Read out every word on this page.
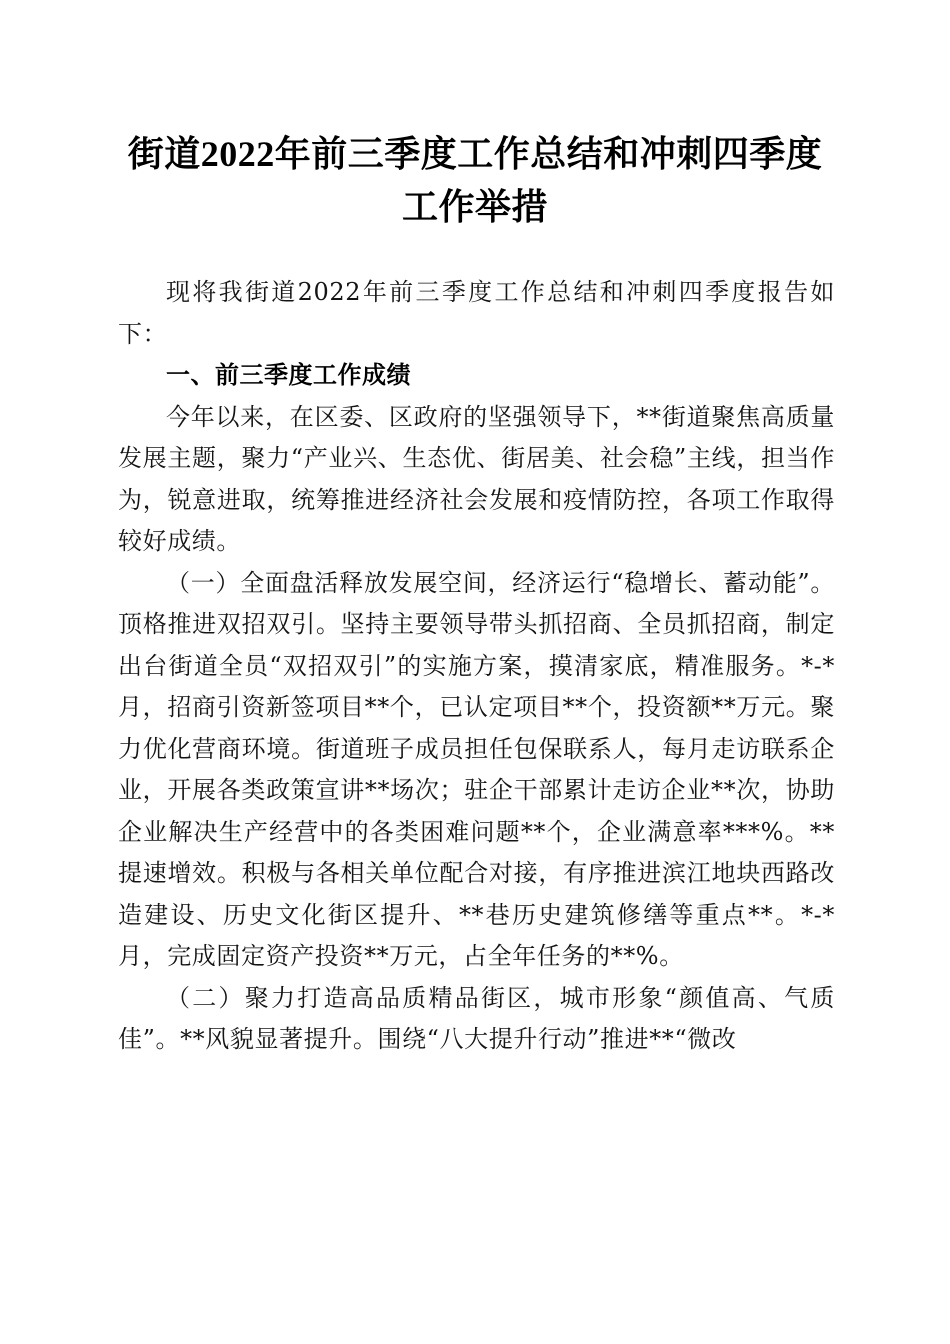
街道2022年前三季度工作总结和冲刺四季度工作举措

现将我街道2022年前三季度工作总结和冲刺四季度报告如下：

一、前三季度工作成绩

今年以来，在区委、区政府的坚强领导下，**街道聚焦高质量发展主题，聚力“产业兴、生态优、街居美、社会稳”主线，担当作为，锐意进取，统筹推进经济社会发展和疫情防控，各项工作取得较好成绩。

（一）全面盘活释放发展空间，经济运行“稳增长、蓄动能”。顶格推进双招双引。坚持主要领导带头抓招商、全员抓招商，制定出台街道全员“双招双引”的实施方案，摸清家底，精准服务。*-*月，招商引资新签项目**个，已认定项目**个，投资额**万元。聚力优化营商环境。街道班子成员担任包保联系人，每月走访联系企业，开展各类政策宣讲**场次；驻企干部累计走访企业**次，协助企业解决生产经营中的各类困难问题**个，企业满意率***%。**提速增效。积极与各相关单位配合对接，有序推进滨江地块西路改造建设、历史文化街区提升、**巷历史建筑修缮等重点**。*-*月，完成固定资产投资**万元，占全年任务的**%。

（二）聚力打造高品质精品街区，城市形象“颜值高、气质佳”。**风貌显著提升。围绕“八大提升行动”推进**“微改
